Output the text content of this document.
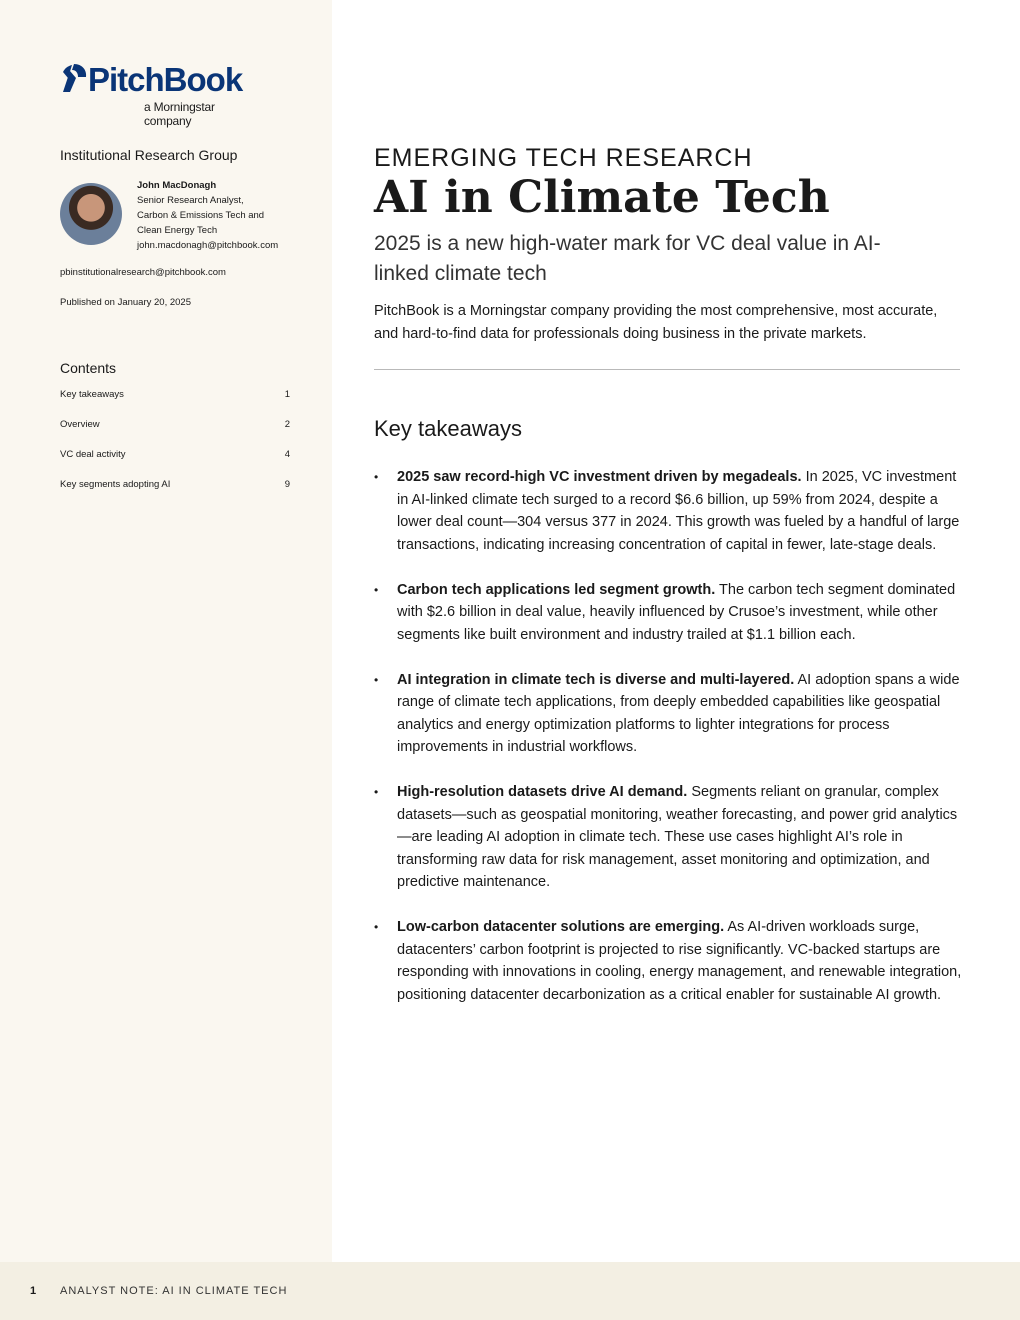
PitchBook
a Morningstar company
Institutional Research Group
John MacDonagh
Senior Research Analyst,
Carbon & Emissions Tech and
Clean Energy Tech
john.macdonagh@pitchbook.com
pbinstitutionalresearch@pitchbook.com
Published on January 20, 2025
Contents
Key takeaways	1
Overview	2
VC deal activity	4
Key segments adopting AI	9
EMERGING TECH RESEARCH
AI in Climate Tech
2025 is a new high-water mark for VC deal value in AI-linked climate tech
PitchBook is a Morningstar company providing the most comprehensive, most accurate, and hard-to-find data for professionals doing business in the private markets.
Key takeaways
• 2025 saw record-high VC investment driven by megadeals. In 2025, VC investment in AI-linked climate tech surged to a record $6.6 billion, up 59% from 2024, despite a lower deal count—304 versus 377 in 2024. This growth was fueled by a handful of large transactions, indicating increasing concentration of capital in fewer, late-stage deals.
• Carbon tech applications led segment growth. The carbon tech segment dominated with $2.6 billion in deal value, heavily influenced by Crusoe’s investment, while other segments like built environment and industry trailed at $1.1 billion each.
• AI integration in climate tech is diverse and multi-layered. AI adoption spans a wide range of climate tech applications, from deeply embedded capabilities like geospatial analytics and energy optimization platforms to lighter integrations for process improvements in industrial workflows.
• High-resolution datasets drive AI demand. Segments reliant on granular, complex datasets—such as geospatial monitoring, weather forecasting, and power grid analytics—are leading AI adoption in climate tech. These use cases highlight AI’s role in transforming raw data for risk management, asset monitoring and optimization, and predictive maintenance.
• Low-carbon datacenter solutions are emerging. As AI-driven workloads surge, datacenters’ carbon footprint is projected to rise significantly. VC-backed startups are responding with innovations in cooling, energy management, and renewable integration, positioning datacenter decarbonization as a critical enabler for sustainable AI growth.
1 ANALYST NOTE: AI IN CLIMATE TECH
